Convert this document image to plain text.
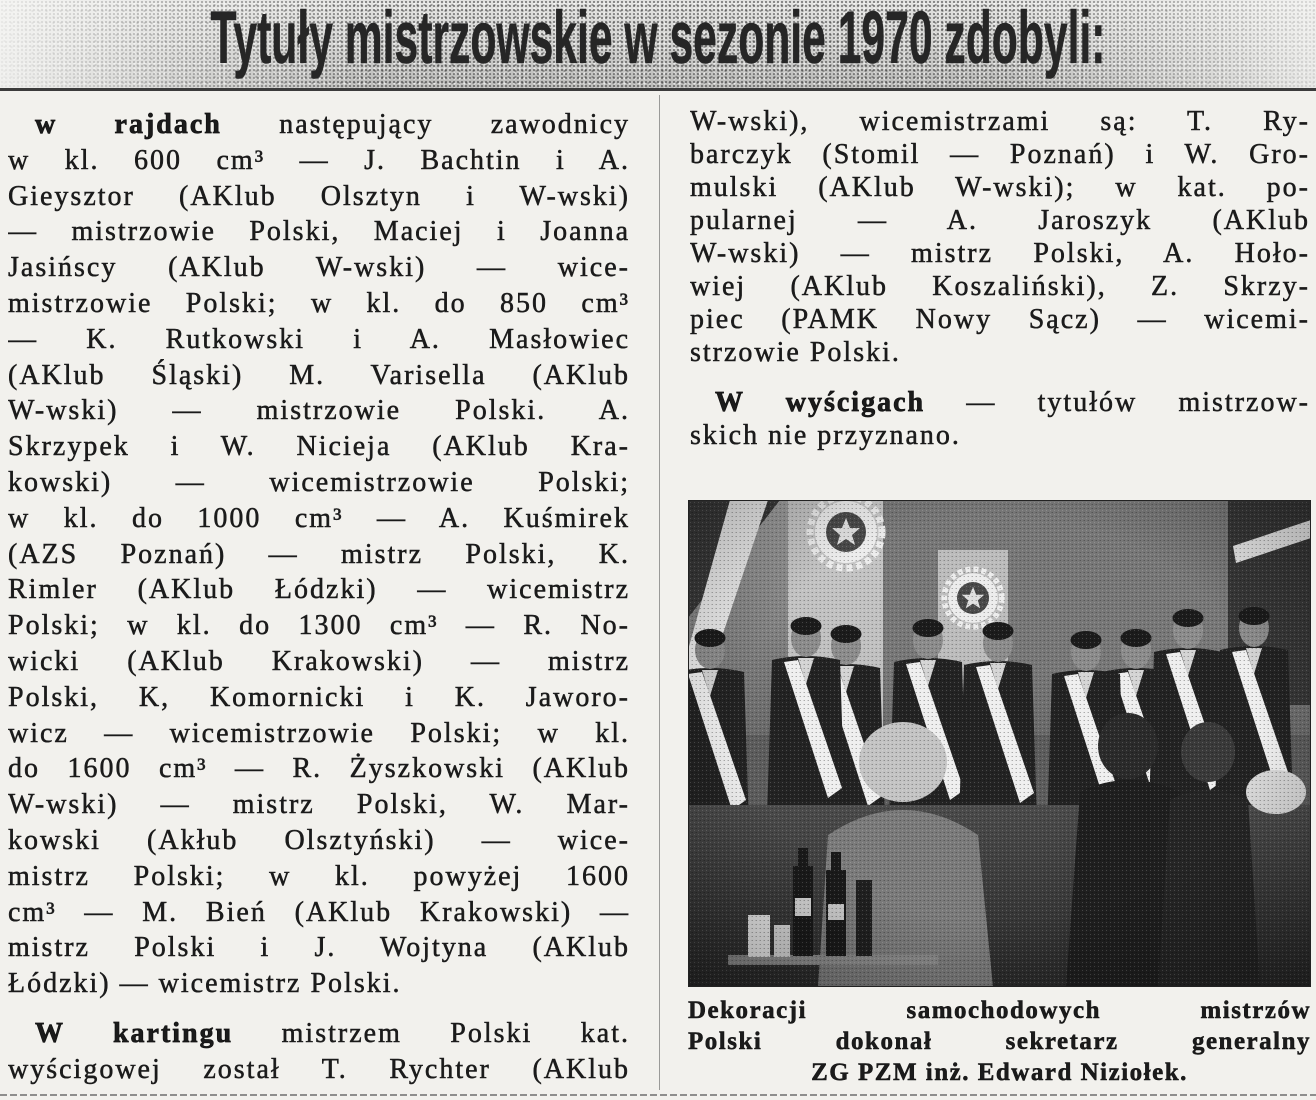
Tytuły mistrzowskie w sezonie 1970 zdobyli:
w rajdach następujący zawodnicy
w kl. 600 cm³ — J. Bachtin i A.
Gieysztor (AKlub Olsztyn i W-wski)
— mistrzowie Polski, Maciej i Joanna
Jasińscy (AKlub W-wski) — wice-
mistrzowie Polski; w kl. do 850 cm³
— K. Rutkowski i A. Masłowiec
(AKlub Śląski) M. Varisella (AKlub
W-wski) — mistrzowie Polski. A.
Skrzypek i W. Nicieja (AKlub Kra-
kowski) — wicemistrzowie Polski;
w kl. do 1000 cm³ — A. Kuśmirek
(AZS Poznań) — mistrz Polski, K.
Rimler (AKlub Łódzki) — wicemistrz
Polski; w kl. do 1300 cm³ — R. No-
wicki (AKlub Krakowski) — mistrz
Polski, K, Komornicki i K. Jaworo-
wicz — wicemistrzowie Polski; w kl.
do 1600 cm³ — R. Żyszkowski (AKlub
W-wski) — mistrz Polski, W. Mar-
kowski (Akłub Olsztyński) — wice-
mistrz Polski; w kl. powyżej 1600
cm³ — M. Bień (AKlub Krakowski) —
mistrz Polski i J. Wojtyna (AKlub
Łódzki) — wicemistrz Polski.
W kartingu mistrzem Polski kat.
wyścigowej został T. Rychter (AKlub
W-wski), wicemistrzami są: T. Ry-
barczyk (Stomil — Poznań) i W. Gro-
mulski (AKlub W-wski); w kat. po-
pularnej — A. Jaroszyk (AKlub
W-wski) — mistrz Polski, A. Hoło-
wiej (AKlub Koszaliński), Z. Skrzy-
piec (PAMK Nowy Sącz) — wicemi-
strzowie Polski.
W wyścigach — tytułów mistrzow-
skich nie przyznano.
Dekoracji samochodowych mistrzów
Polski dokonał sekretarz generalny
ZG PZM inż. Edward Niziołek.
